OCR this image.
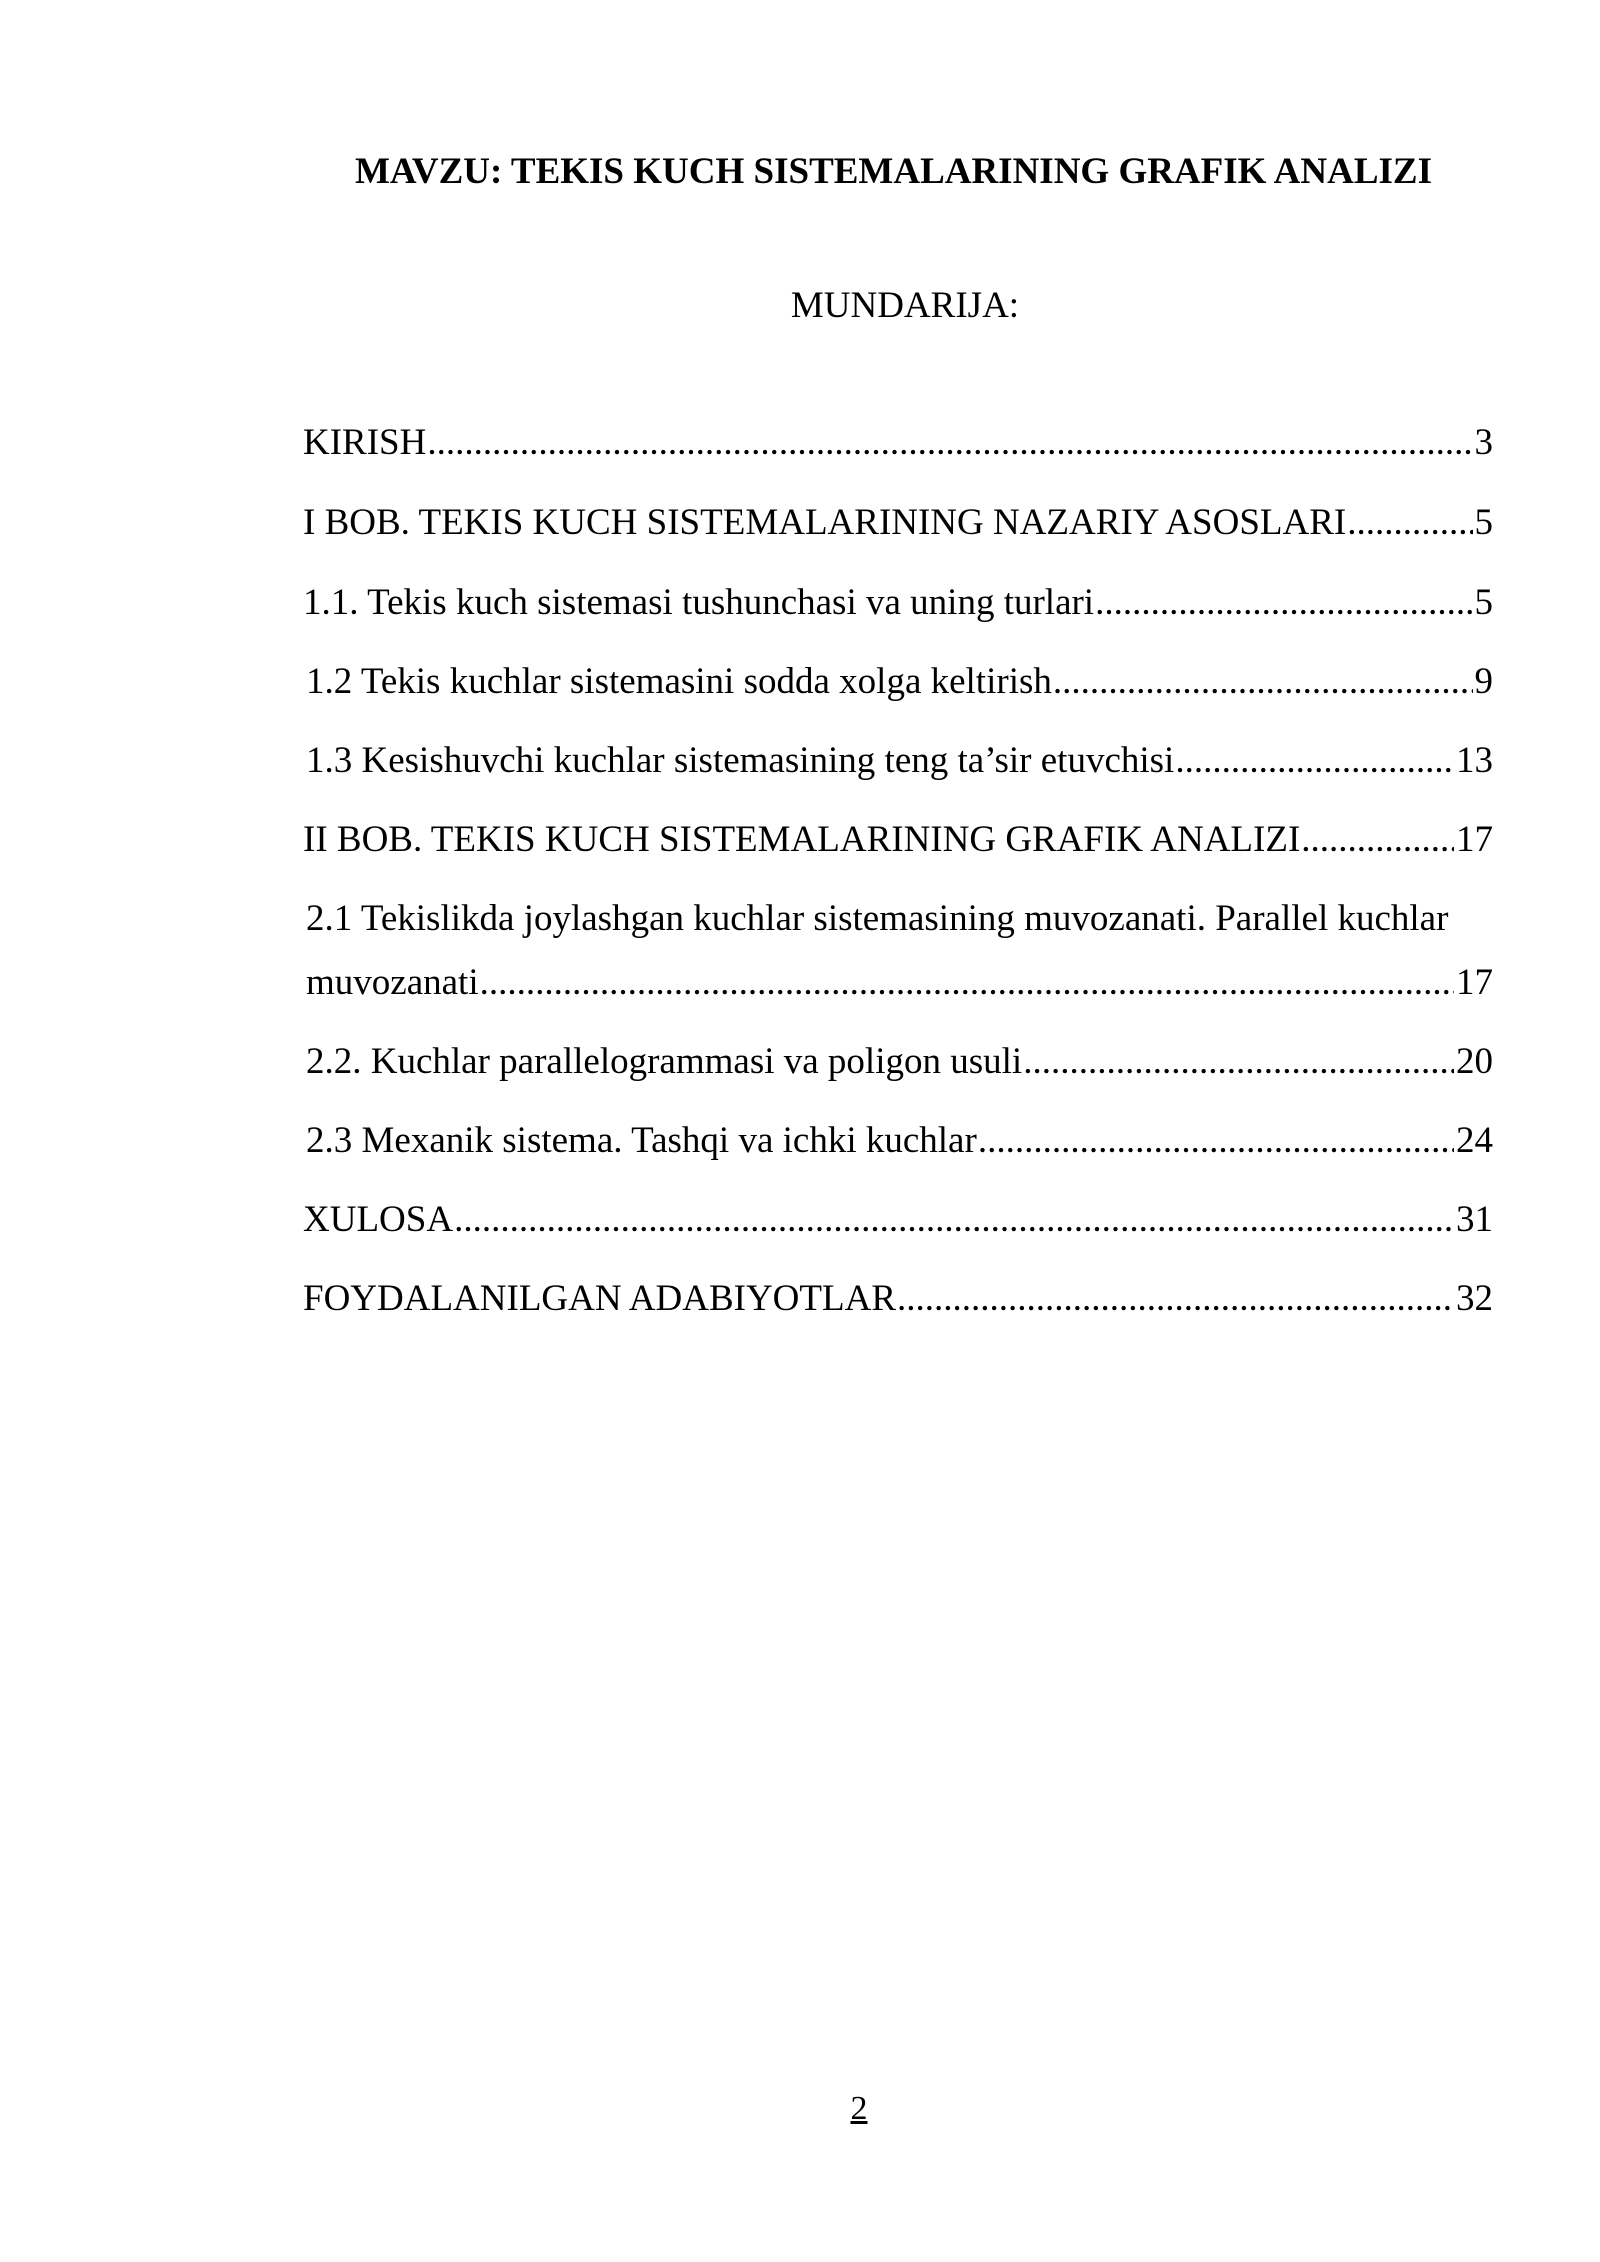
MAVZU: TEKIS KUCH SISTEMALARINING GRAFIK ANALIZI
MUNDARIJA:
KIRISH .....	3
I BOB. TEKIS KUCH SISTEMALARINING NAZARIY ASOSLARI .....	5
1.1. Tekis kuch sistemasi tushunchasi va uning turlari .....	5
1.2 Tekis kuchlar sistemasini sodda xolga keltirish .....	9
1.3 Kesishuvchi kuchlar sistemasining teng ta’sir etuvchisi .....	13
II BOB. TEKIS KUCH SISTEMALARINING GRAFIK ANALIZI .....	17
2.1 Tekislikda joylashgan kuchlar sistemasining muvozanati. Parallel kuchlar
muvozanati .....	17
2.2. Kuchlar parallelogrammasi va poligon usuli .....	20
2.3 Mexanik sistema. Tashqi va ichki kuchlar .....	24
XULOSA .....	31
FOYDALANILGAN ADABIYOTLAR .....	32
2
